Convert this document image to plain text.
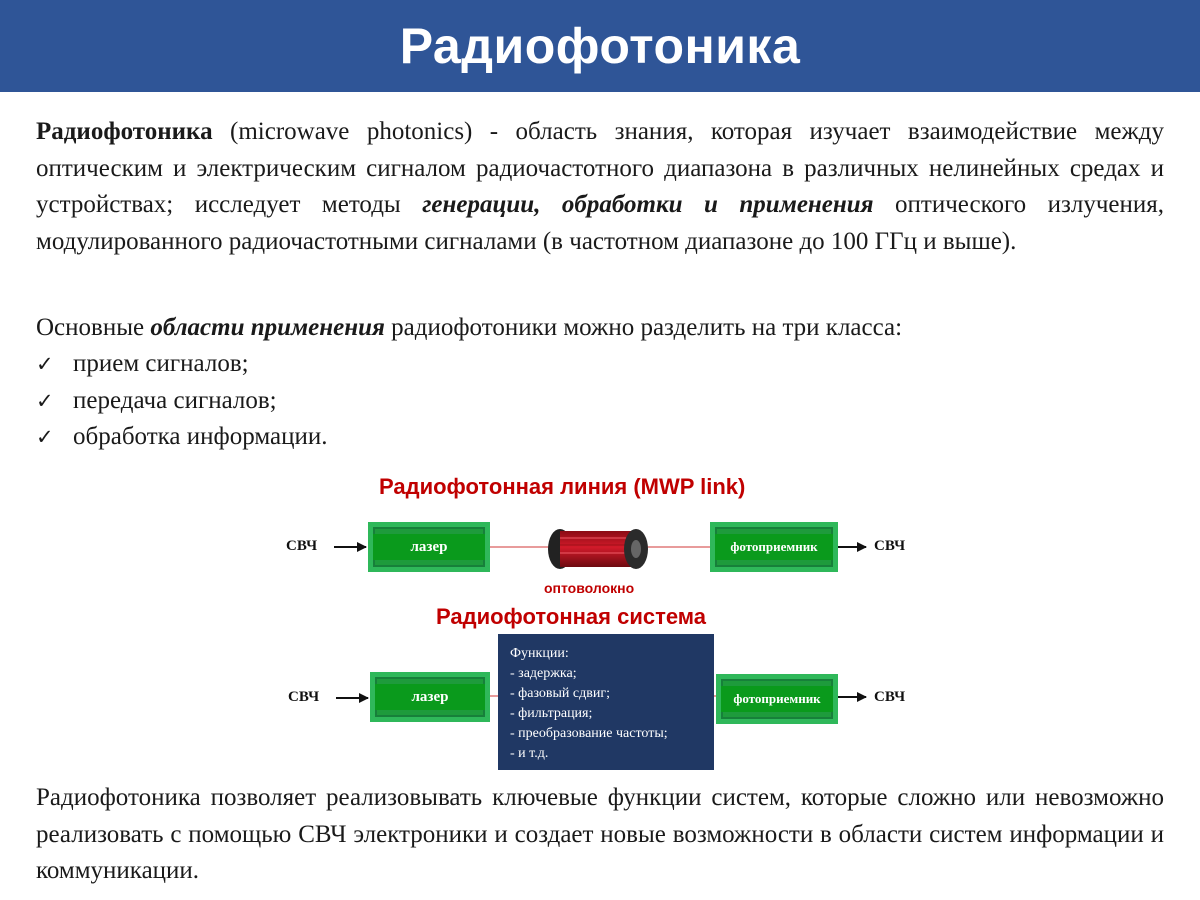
Радиофотоника

Радиофотоника (microwave photonics) - область знания, которая изучает взаимодействие между оптическим и электрическим сигналом радиочастотного диапазона в различных нелинейных средах и устройствах; исследует методы генерации, обработки и применения оптического излучения, модулированного радиочастотными сигналами (в частотном диапазоне до 100 ГГц и выше).

Основные области применения радиофотоники можно разделить на три класса:

✓ прием сигналов;
✓ передача сигналов;
✓ обработка информации.
Радиофотонная линия (MWP link)
СВЧ	лазер	фотоприемник	СВЧ
оптоволокно
Радиофотонная система
СВЧ	лазер
Функции:
- задержка;
- фазовый сдвиг;
- фильтрация;
- преобразование частоты;
- и т.д.
фотоприемник	СВЧ

Радиофотоника позволяет реализовывать ключевые функции систем, которые сложно или невозможно реализовать с помощью СВЧ электроники и создает новые возможности в области систем информации и коммуникации.
